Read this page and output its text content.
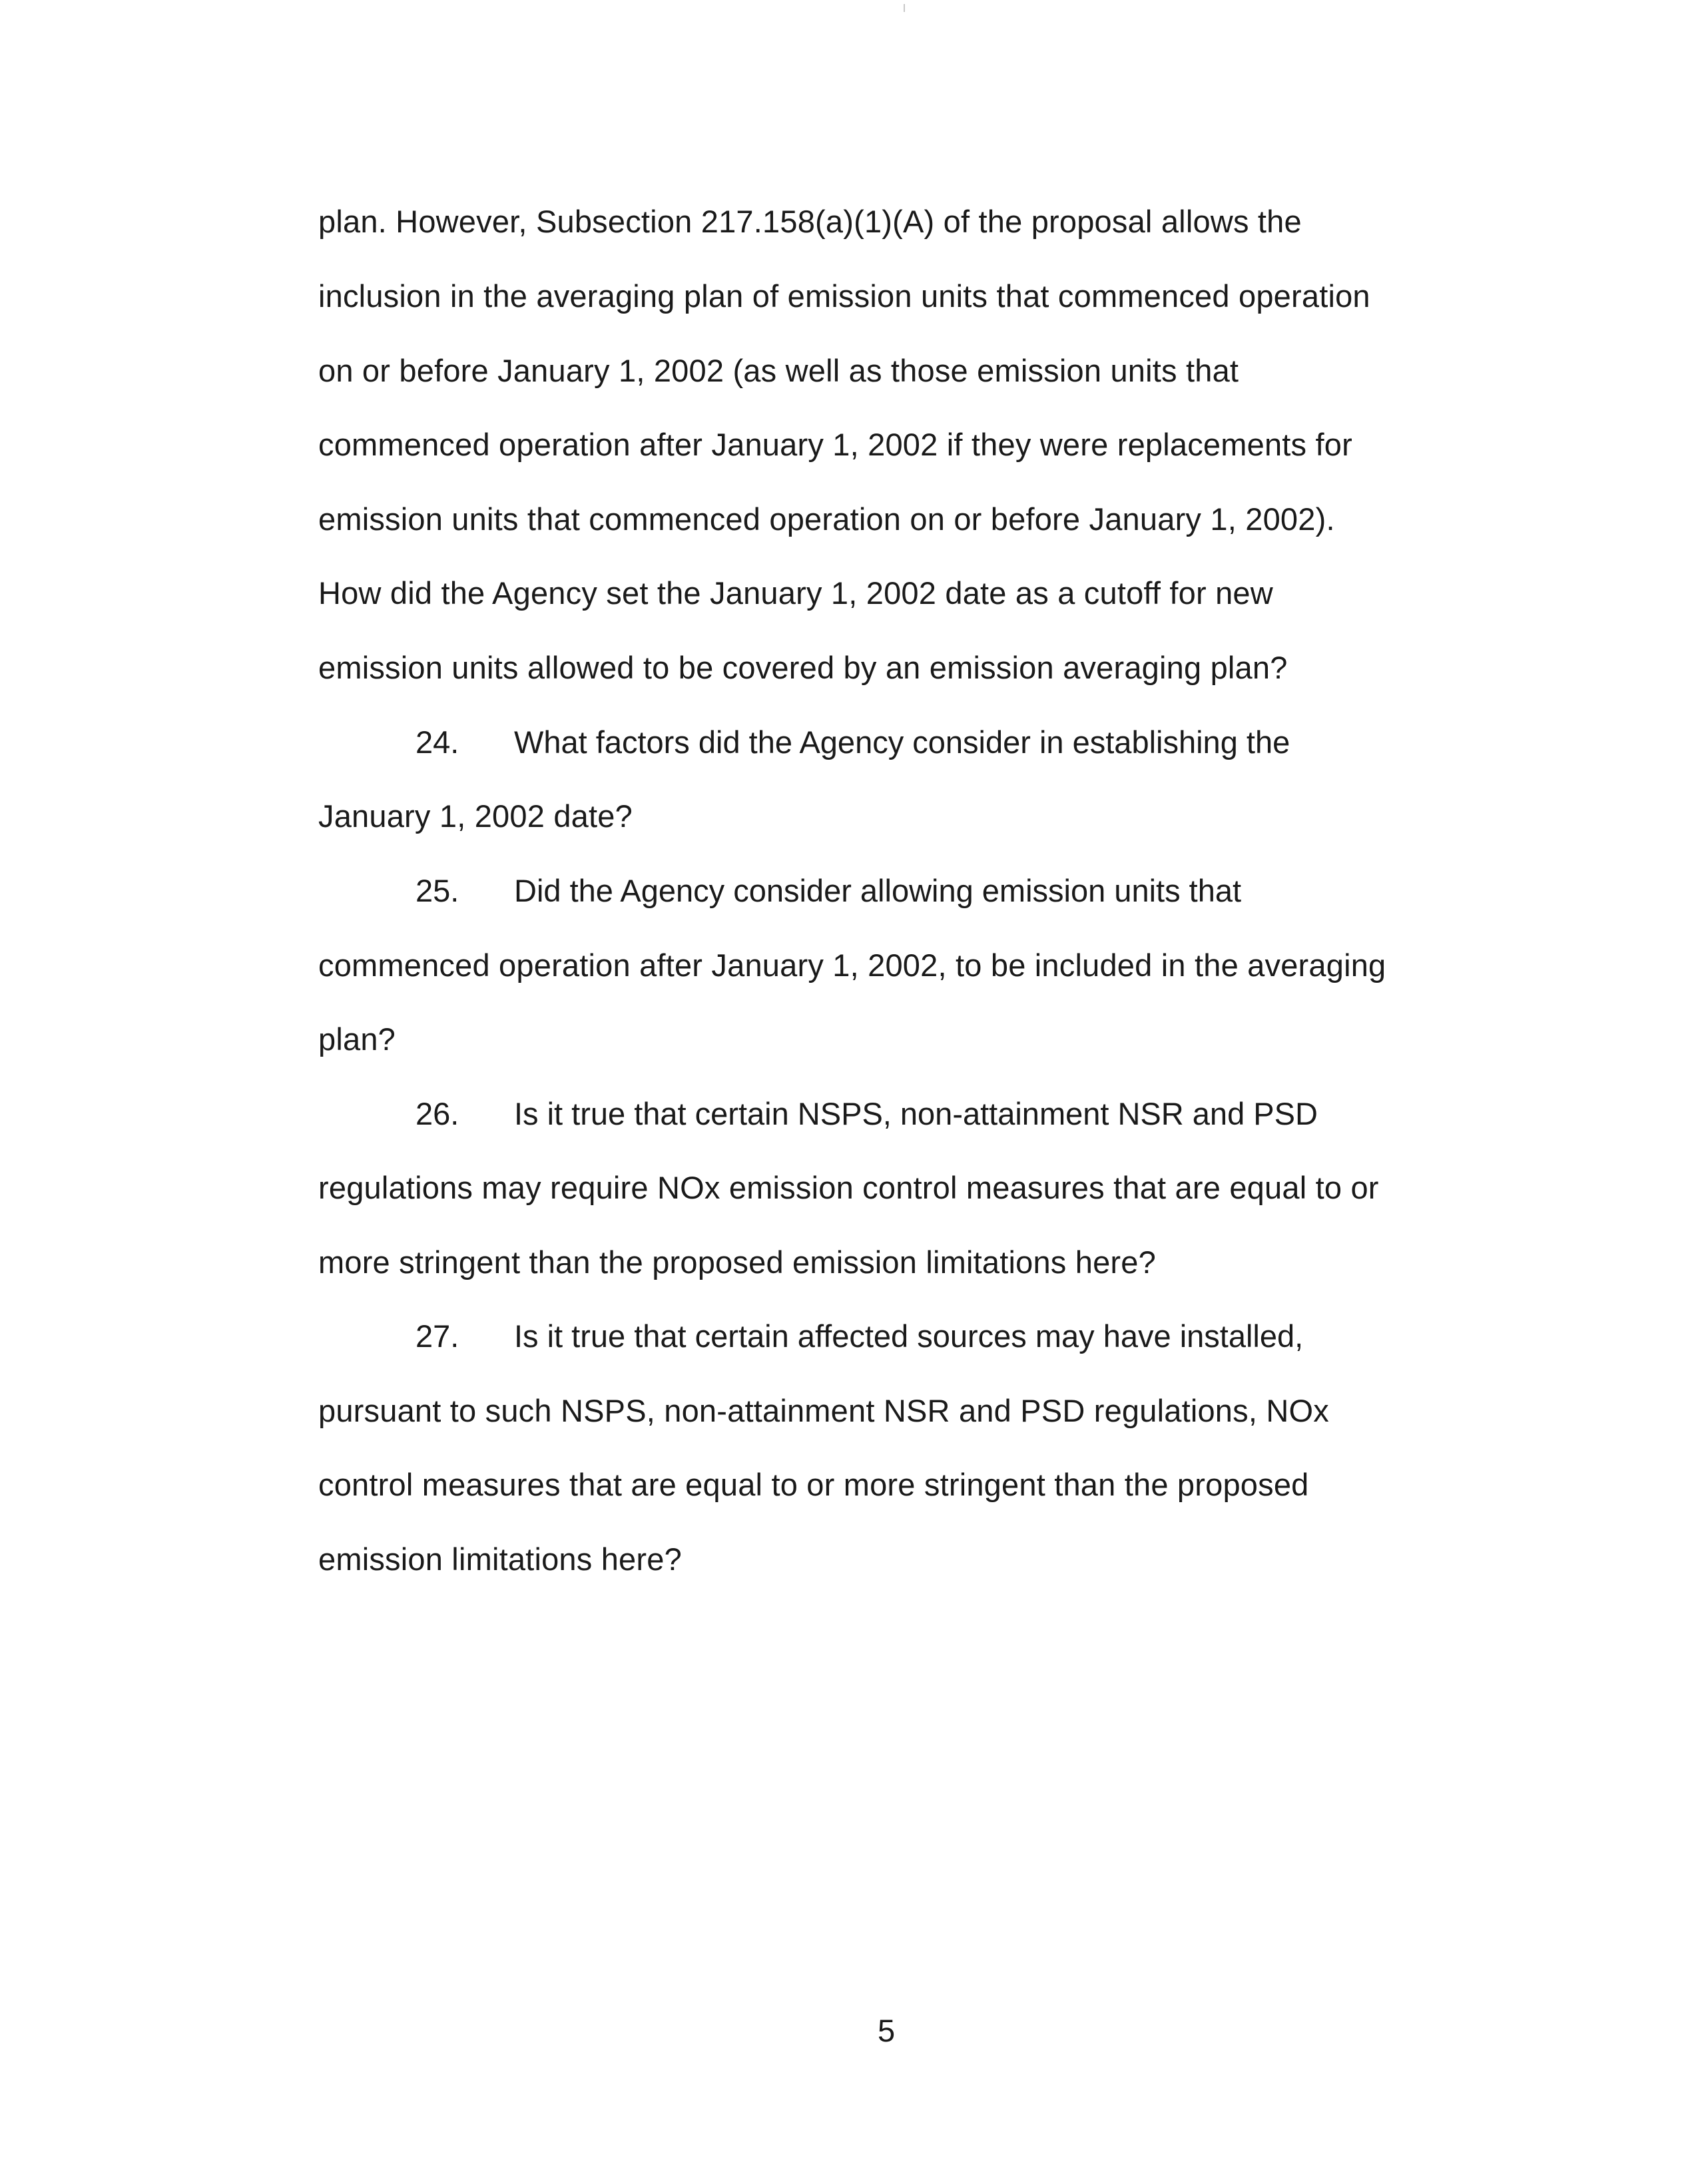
plan. However, Subsection 217.158(a)(1)(A) of the proposal allows the
inclusion in the averaging plan of emission units that commenced operation
on or before January 1, 2002 (as well as those emission units that
commenced operation after January 1, 2002 if they were replacements for
emission units that commenced operation on or before January 1, 2002).
How did the Agency set the January 1, 2002 date as a cutoff for new
emission units allowed to be covered by an emission averaging plan?
24. What factors did the Agency consider in establishing the
January 1, 2002 date?
25. Did the Agency consider allowing emission units that
commenced operation after January 1, 2002, to be included in the averaging
plan?
26. Is it true that certain NSPS, non-attainment NSR and PSD
regulations may require NOx emission control measures that are equal to or
more stringent than the proposed emission limitations here?
27. Is it true that certain affected sources may have installed,
pursuant to such NSPS, non-attainment NSR and PSD regulations, NOx
control measures that are equal to or more stringent than the proposed
emission limitations here?
5
